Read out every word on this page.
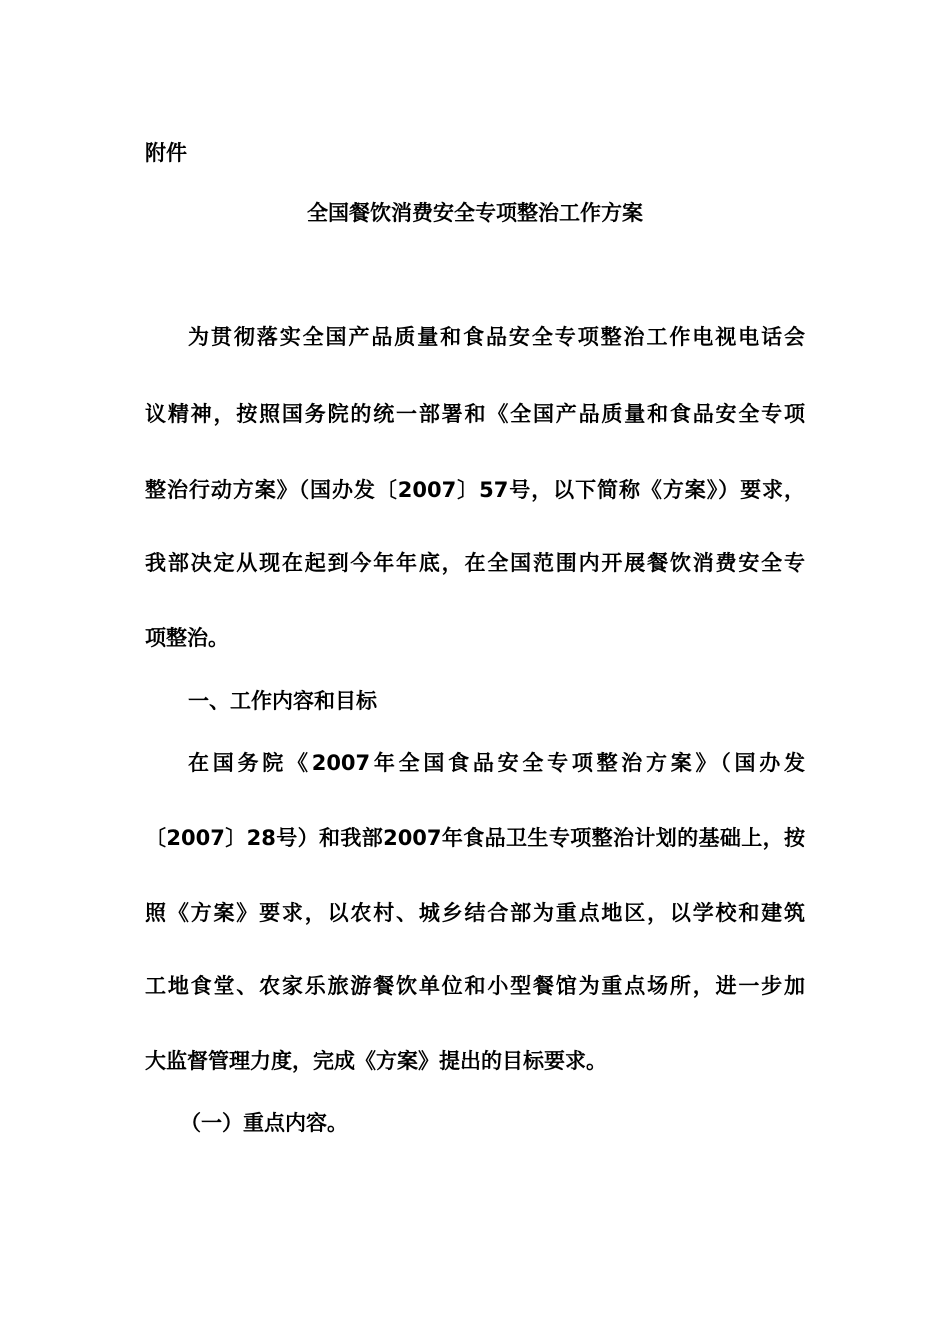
附件
全国餐饮消费安全专项整治工作方案
为贯彻落实全国产品质量和食品安全专项整治工作电视电话会
议精神，按照国务院的统一部署和《全国产品质量和食品安全专项
整治行动方案》（国办发〔2007〕57号，以下简称《方案》）要求，
我部决定从现在起到今年年底，在全国范围内开展餐饮消费安全专
项整治。
一、工作内容和目标
在国务院《2007年全国食品安全专项整治方案》（国办发
〔2007〕28号）和我部2007年食品卫生专项整治计划的基础上，按
照《方案》要求，以农村、城乡结合部为重点地区，以学校和建筑
工地食堂、农家乐旅游餐饮单位和小型餐馆为重点场所，进一步加
大监督管理力度，完成《方案》提出的目标要求。
（一）重点内容。
